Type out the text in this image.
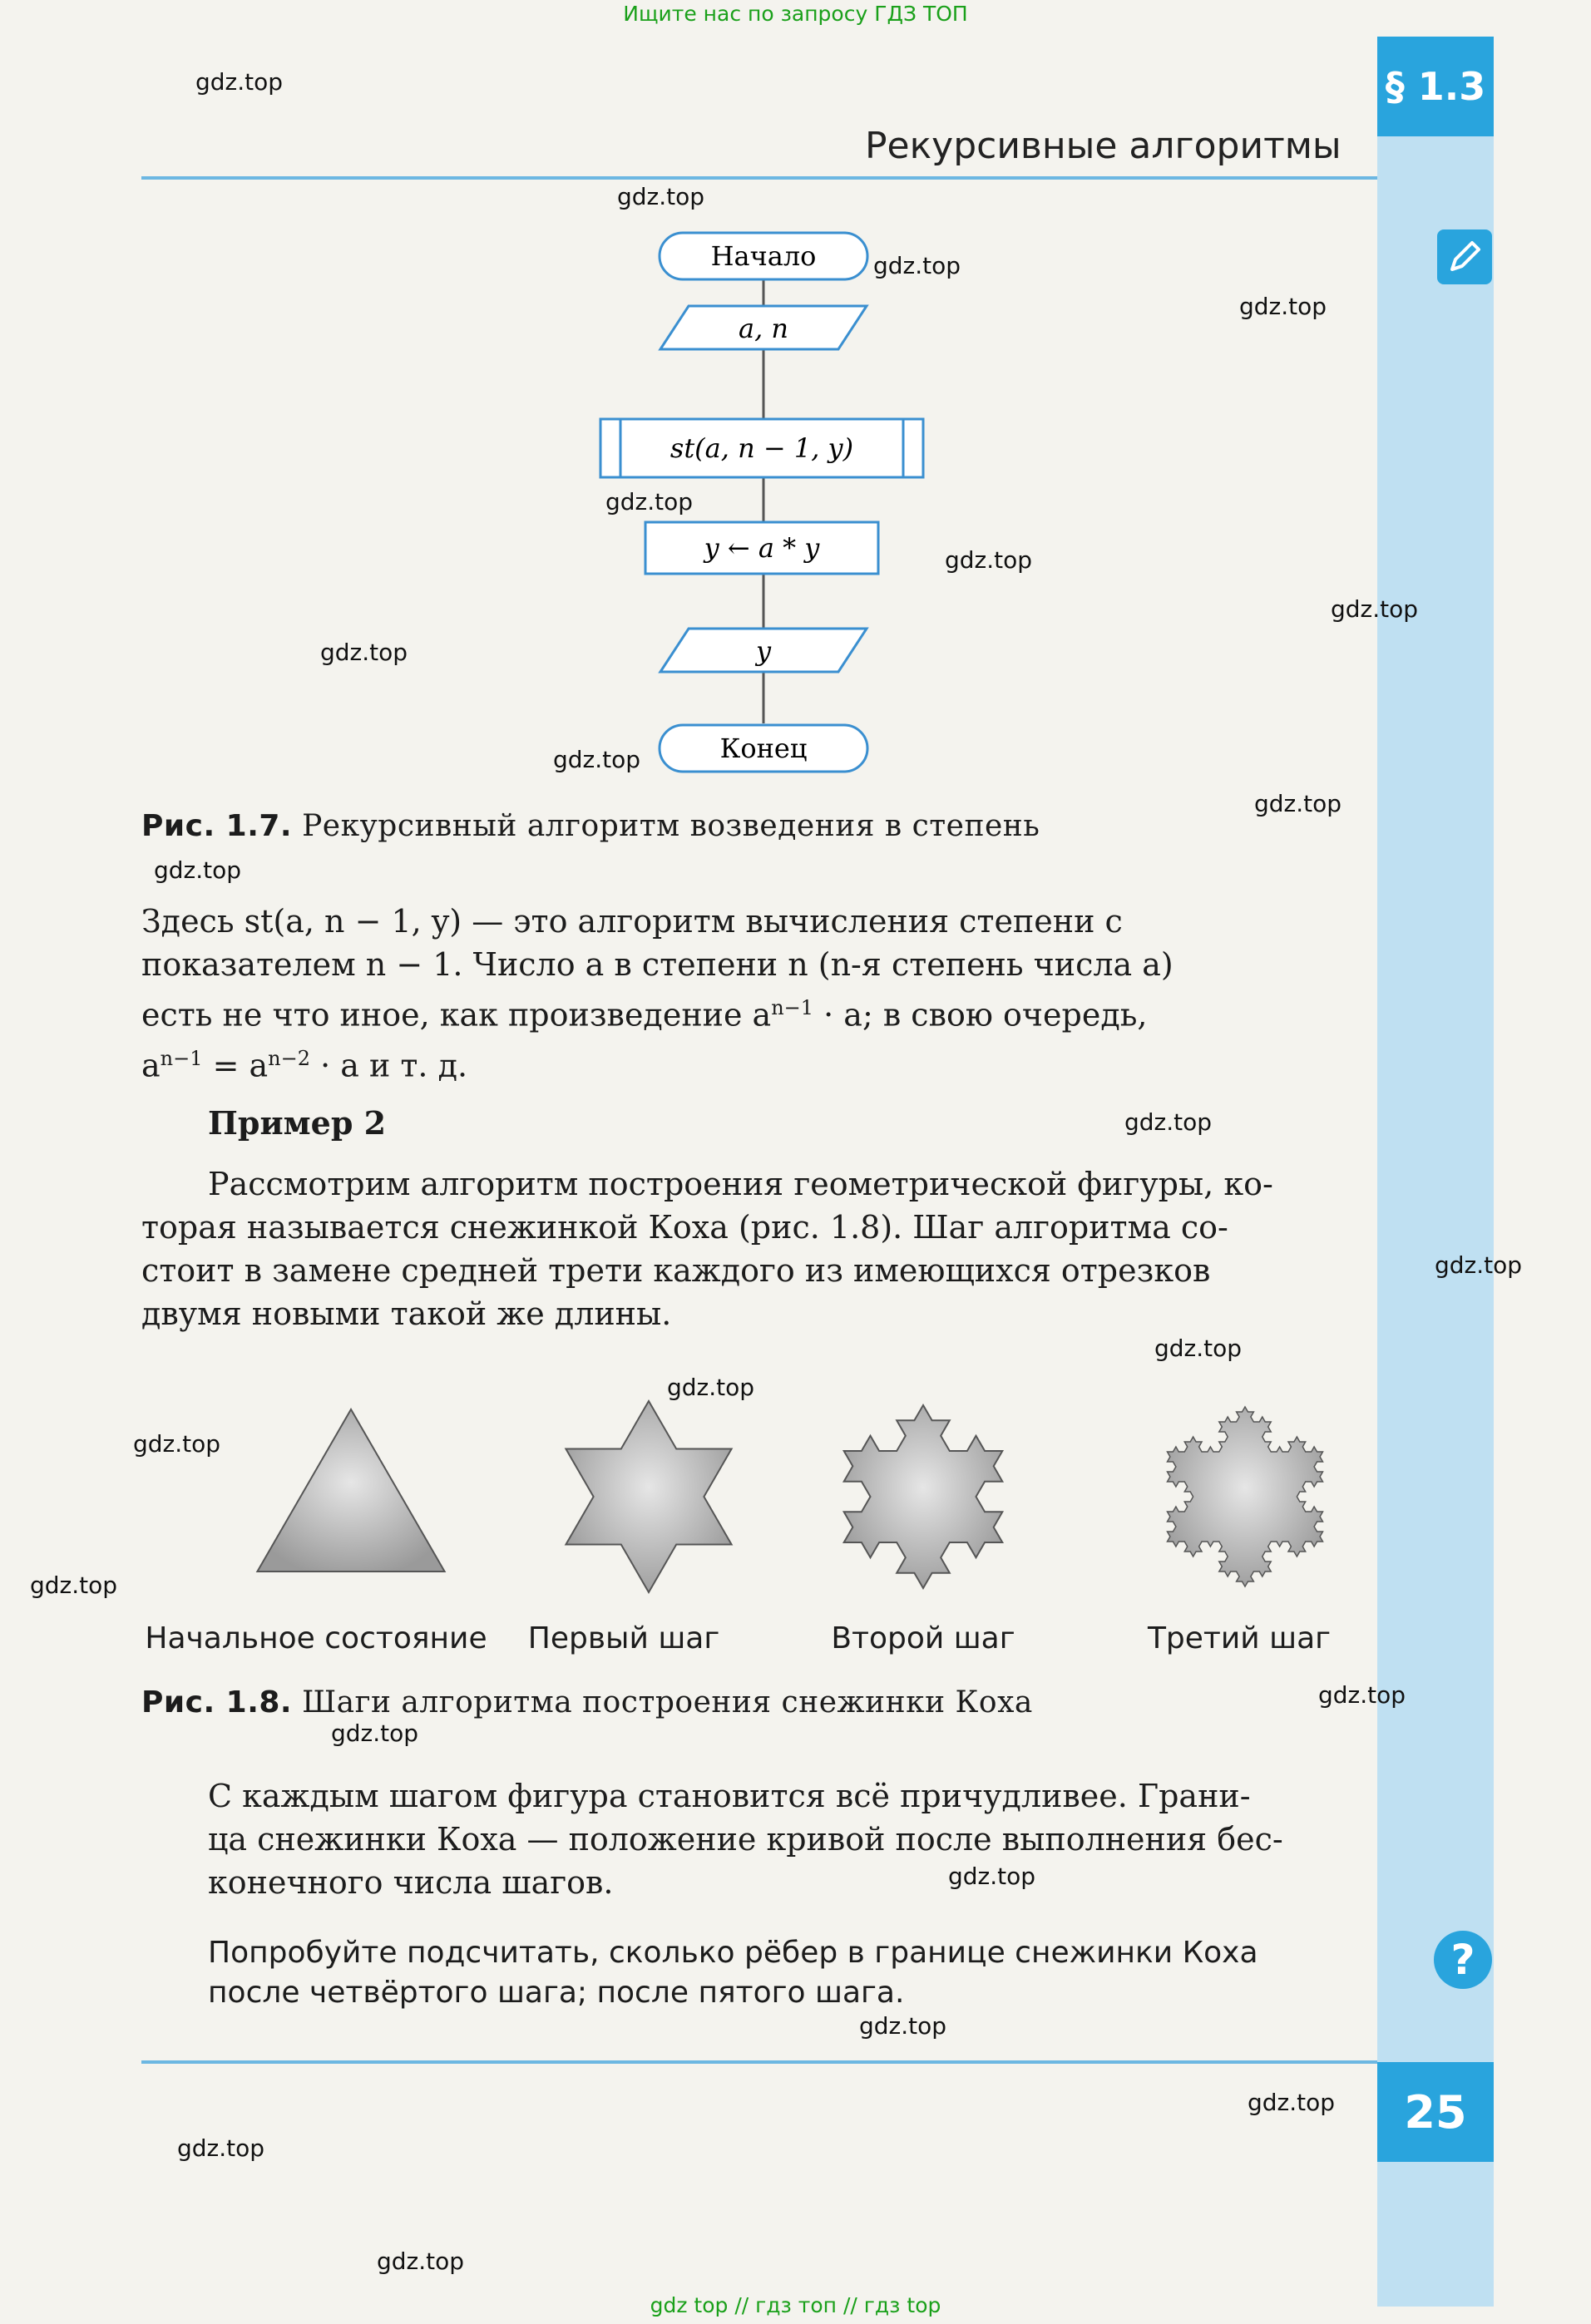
Ищите нас по запросу ГДЗ ТОП
§ 1.3
?
25
Рекурсивные алгоритмы
Начало
a, n
st(a, n − 1, y)
y ← a * y
y
Конец
Рис. 1.7. Рекурсивный алгоритм возведения в степень
Здесь st(a, n − 1, y) — это алгоритм вычисления степени с
показателем n − 1. Число a в степени n (n-я степень числа a)
есть не что иное, как произведение $a^{n-1} \cdot a$; в свою очередь,
$a^{n-1} = a^{n-2} \cdot a$ и т. д.
Пример 2
Рассмотрим алгоритм построения геометрической фигуры, ко-
торая называется снежинкой Коха (рис. 1.8). Шаг алгоритма со-
стоит в замене средней трети каждого из имеющихся отрезков
двумя новыми такой же длины.
Начальное состояние	Первый шаг	Второй шаг	Третий шаг
Рис. 1.8. Шаги алгоритма построения снежинки Коха
С каждым шагом фигура становится всё причудливее. Грани-
ца снежинки Коха — положение кривой после выполнения бес-
конечного числа шагов.
Попробуйте подсчитать, сколько рёбер в границе снежинки Коха
после четвёртого шага; после пятого шага.
gdz.top
gdz.top
gdz.top
gdz.top
gdz.top
gdz.top
gdz.top
gdz.top
gdz.top
gdz.top
gdz.top
gdz.top
gdz.top
gdz.top
gdz.top
gdz.top
gdz.top
gdz.top
gdz.top
gdz.top
gdz.top
gdz.top
gdz.top
gdz.top
gdz top // гдз топ // гдз top
